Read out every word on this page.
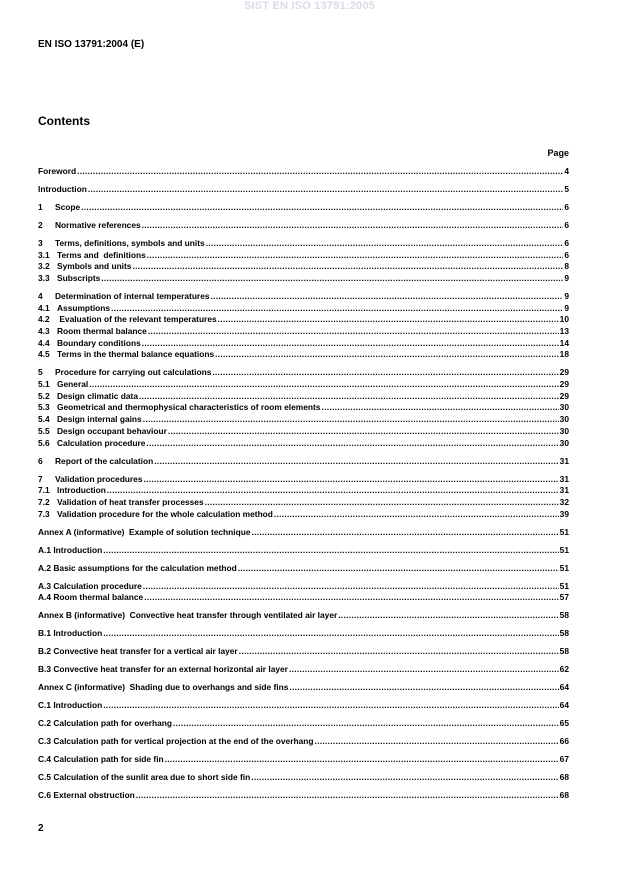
SIST EN ISO 13791:2005
EN ISO 13791:2004 (E)
Contents
Page
Foreword .....	4
Introduction .....	5
1 Scope .....	6
2 Normative references .....	6
3 Terms, definitions, symbols and units .....	6
3.1 Terms and  definitions .....	6
3.2 Symbols and units .....	8
3.3 Subscripts .....	9
4 Determination of internal temperatures .....	9
4.1 Assumptions .....	9
4.2 Evaluation of the relevant temperatures .....	10
4.3 Room thermal balance .....	13
4.4 Boundary conditions .....	14
4.5 Terms in the thermal balance equations .....	18
5 Procedure for carrying out calculations .....	29
5.1 General .....	29
5.2 Design climatic data .....	29
5.3 Geometrical and thermophysical characteristics of room elements .....	30
5.4 Design internal gains .....	30
5.5 Design occupant behaviour .....	30
5.6 Calculation procedure .....	30
6 Report of the calculation .....	31
7 Validation procedures .....	31
7.1 Introduction .....	31
7.2 Validation of heat transfer processes .....	32
7.3 Validation procedure for the whole calculation method .....	39
Annex A (informative)  Example of solution technique .....	51
A.1 Introduction .....	51
A.2 Basic assumptions for the calculation method .....	51
A.3 Calculation procedure .....	51
A.4 Room thermal balance .....	57
Annex B (informative)  Convective heat transfer through ventilated air layer .....	58
B.1 Introduction .....	58
B.2 Convective heat transfer for a vertical air layer .....	58
B.3 Convective heat transfer for an external horizontal air layer .....	62
Annex C (informative)  Shading due to overhangs and side fins .....	64
C.1 Introduction .....	64
C.2 Calculation path for overhang .....	65
C.3 Calculation path for vertical projection at the end of the overhang .....	66
C.4 Calculation path for side fin .....	67
C.5 Calculation of the sunlit area due to short side fin .....	68
C.6 External obstruction .....	68
2
